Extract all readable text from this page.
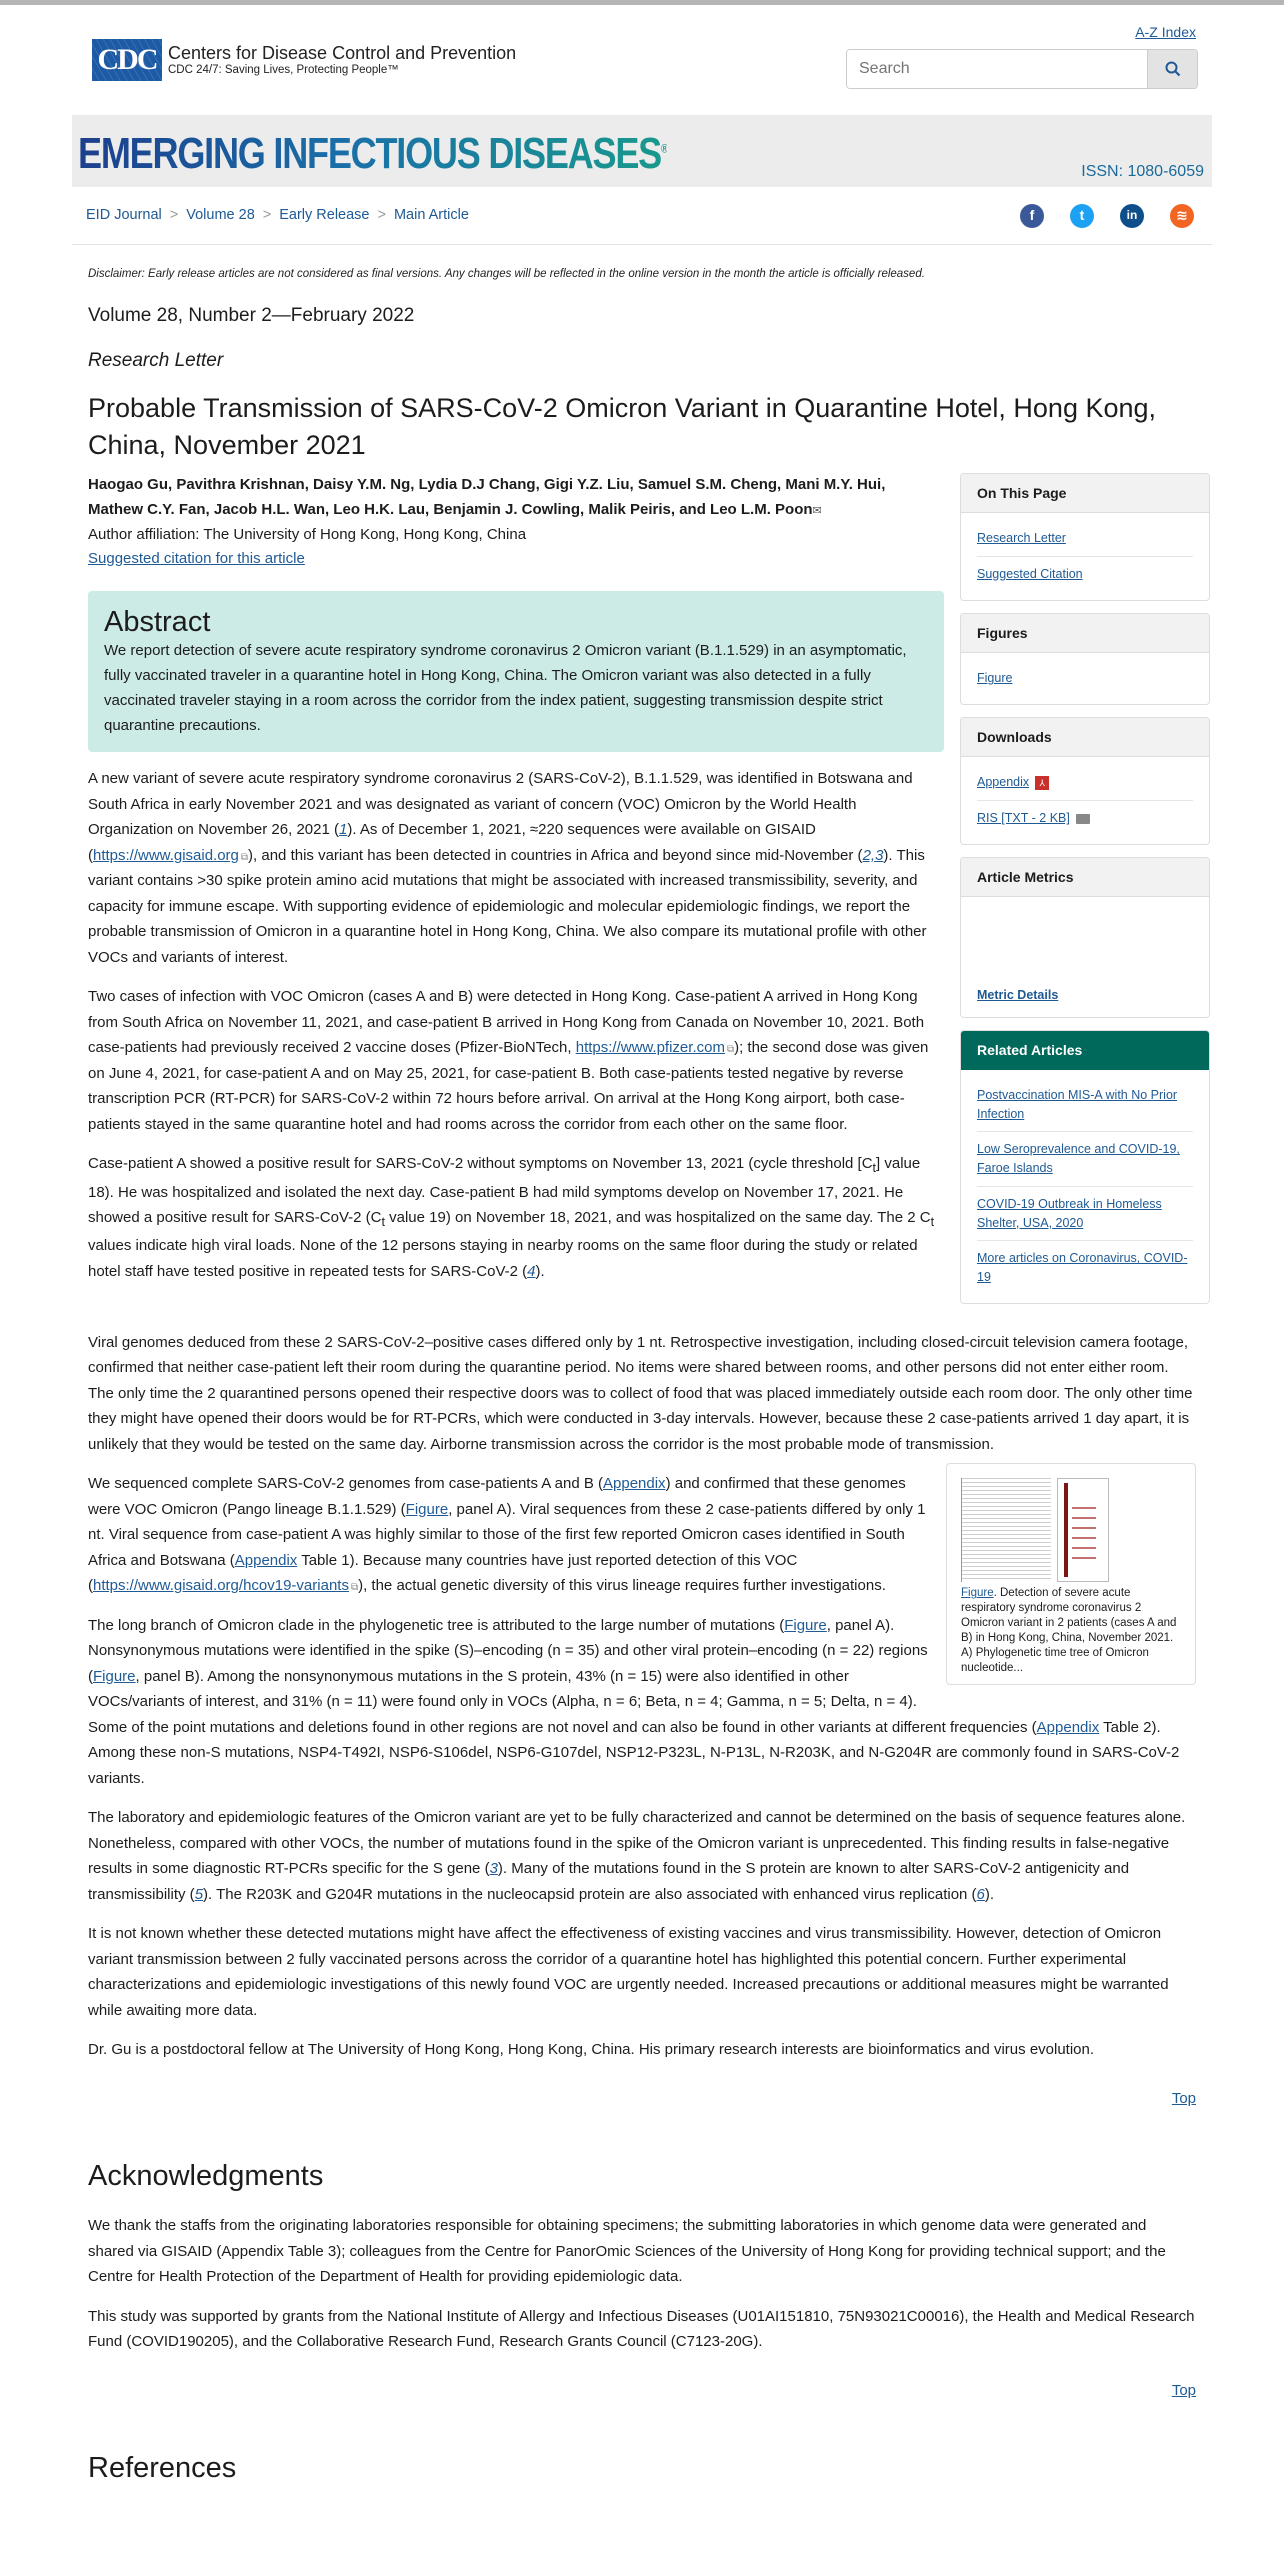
A-Z Index
CDC Centers for Disease Control and Prevention
CDC 24/7: Saving Lives, Protecting People™
Search
EMERGING INFECTIOUS DISEASES®
ISSN: 1080-6059
EID Journal > Volume 28 > Early Release > Main Article	f	t	in	≋

Disclaimer: Early release articles are not considered as final versions. Any changes will be reflected in the online version in the month the article is officially released.

Volume 28, Number 2—February 2022
Research Letter
Probable Transmission of SARS-CoV-2 Omicron Variant in Quarantine Hotel, Hong Kong, China, November 2021
Haogao Gu, Pavithra Krishnan, Daisy Y.M. Ng, Lydia D.J Chang, Gigi Y.Z. Liu, Samuel S.M. Cheng, Mani M.Y. Hui, Mathew C.Y. Fan, Jacob H.L. Wan, Leo H.K. Lau, Benjamin J. Cowling, Malik Peiris, and Leo L.M. Poon✉
Author affiliation: The University of Hong Kong, Hong Kong, China
Suggested citation for this article
Abstract

We report detection of severe acute respiratory syndrome coronavirus 2 Omicron variant (B.1.1.529) in an asymptomatic, fully vaccinated traveler in a quarantine hotel in Hong Kong, China. The Omicron variant was also detected in a fully vaccinated traveler staying in a room across the corridor from the index patient, suggesting transmission despite strict quarantine precautions.

A new variant of severe acute respiratory syndrome coronavirus 2 (SARS-CoV-2), B.1.1.529, was identified in Botswana and South Africa in early November 2021 and was designated as variant of concern (VOC) Omicron by the World Health Organization on November 26, 2021 (1). As of December 1, 2021, ≈220 sequences were available on GISAID (https://www.gisaid.org ⧉), and this variant has been detected in countries in Africa and beyond since mid-November (2,3). This variant contains >30 spike protein amino acid mutations that might be associated with increased transmissibility, severity, and capacity for immune escape. With supporting evidence of epidemiologic and molecular epidemiologic findings, we report the probable transmission of Omicron in a quarantine hotel in Hong Kong, China. We also compare its mutational profile with other VOCs and variants of interest.

Two cases of infection with VOC Omicron (cases A and B) were detected in Hong Kong. Case-patient A arrived in Hong Kong from South Africa on November 11, 2021, and case-patient B arrived in Hong Kong from Canada on November 10, 2021. Both case-patients had previously received 2 vaccine doses (Pfizer-BioNTech, https://www.pfizer.com ⧉); the second dose was given on June 4, 2021, for case-patient A and on May 25, 2021, for case-patient B. Both case-patients tested negative by reverse transcription PCR (RT-PCR) for SARS-CoV-2 within 72 hours before arrival. On arrival at the Hong Kong airport, both case-patients stayed in the same quarantine hotel and had rooms across the corridor from each other on the same floor.

Case-patient A showed a positive result for SARS-CoV-2 without symptoms on November 13, 2021 (cycle threshold $[C_t]$ value 18). He was hospitalized and isolated the next day. Case-patient B had mild symptoms develop on November 17, 2021. He showed a positive result for SARS-CoV-2 ($C_t$ value 19) on November 18, 2021, and was hospitalized on the same day. The 2 $C_t$ values indicate high viral loads. None of the 12 persons staying in nearby rooms on the same floor during the study or related hotel staff have tested positive in repeated tests for SARS-CoV-2 (4).

On This Page
Research Letter
Suggested Citation
Figures
Figure
Downloads
Appendix ⅄
RIS [TXT - 2 KB]
Article Metrics
Metric Details
Related Articles
Postvaccination MIS-A with No Prior Infection
Low Seroprevalence and COVID-19, Faroe Islands
COVID-19 Outbreak in Homeless Shelter, USA, 2020
More articles on Coronavirus, COVID-19

Viral genomes deduced from these 2 SARS-CoV-2–positive cases differed only by 1 nt. Retrospective investigation, including closed-circuit television camera footage, confirmed that neither case-patient left their room during the quarantine period. No items were shared between rooms, and other persons did not enter either room. The only time the 2 quarantined persons opened their respective doors was to collect of food that was placed immediately outside each room door. The only other time they might have opened their doors would be for RT-PCRs, which were conducted in 3-day intervals. However, because these 2 case-patients arrived 1 day apart, it is unlikely that they would be tested on the same day. Airborne transmission across the corridor is the most probable mode of transmission.

Figure. Detection of severe acute respiratory syndrome coronavirus 2 Omicron variant in 2 patients (cases A and B) in Hong Kong, China, November 2021. A) Phylogenetic time tree of Omicron nucleotide...

We sequenced complete SARS-CoV-2 genomes from case-patients A and B (Appendix) and confirmed that these genomes were VOC Omicron (Pango lineage B.1.1.529) (Figure, panel A). Viral sequences from these 2 case-patients differed by only 1 nt. Viral sequence from case-patient A was highly similar to those of the first few reported Omicron cases identified in South Africa and Botswana (Appendix Table 1). Because many countries have just reported detection of this VOC (https://www.gisaid.org/hcov19-variants ⧉), the actual genetic diversity of this virus lineage requires further investigations.

The long branch of Omicron clade in the phylogenetic tree is attributed to the large number of mutations (Figure, panel A). Nonsynonymous mutations were identified in the spike (S)–encoding (n = 35) and other viral protein–encoding (n = 22) regions (Figure, panel B). Among the nonsynonymous mutations in the S protein, 43% (n = 15) were also identified in other VOCs/variants of interest, and 31% (n = 11) were found only in VOCs (Alpha, n = 6; Beta, n = 4; Gamma, n = 5; Delta, n = 4). Some of the point mutations and deletions found in other regions are not novel and can also be found in other variants at different frequencies (Appendix Table 2). Among these non-S mutations, NSP4-T492I, NSP6-S106del, NSP6-G107del, NSP12-P323L, N-P13L, N-R203K, and N-G204R are commonly found in SARS-CoV-2 variants.

The laboratory and epidemiologic features of the Omicron variant are yet to be fully characterized and cannot be determined on the basis of sequence features alone. Nonetheless, compared with other VOCs, the number of mutations found in the spike of the Omicron variant is unprecedented. This finding results in false-negative results in some diagnostic RT-PCRs specific for the S gene (3). Many of the mutations found in the S protein are known to alter SARS-CoV-2 antigenicity and transmissibility (5). The R203K and G204R mutations in the nucleocapsid protein are also associated with enhanced virus replication (6).

It is not known whether these detected mutations might have affect the effectiveness of existing vaccines and virus transmissibility. However, detection of Omicron variant transmission between 2 fully vaccinated persons across the corridor of a quarantine hotel has highlighted this potential concern. Further experimental characterizations and epidemiologic investigations of this newly found VOC are urgently needed. Increased precautions or additional measures might be warranted while awaiting more data.

Dr. Gu is a postdoctoral fellow at The University of Hong Kong, Hong Kong, China. His primary research interests are bioinformatics and virus evolution.

Top
Acknowledgments

We thank the staffs from the originating laboratories responsible for obtaining specimens; the submitting laboratories in which genome data were generated and shared via GISAID (Appendix Table 3); colleagues from the Centre for PanorOmic Sciences of the University of Hong Kong for providing technical support; and the Centre for Health Protection of the Department of Health for providing epidemiologic data.

This study was supported by grants from the National Institute of Allergy and Infectious Diseases (U01AI151810, 75N93021C00016), the Health and Medical Research Fund (COVID190205), and the Collaborative Research Fund, Research Grants Council (C7123-20G).

Top
References
